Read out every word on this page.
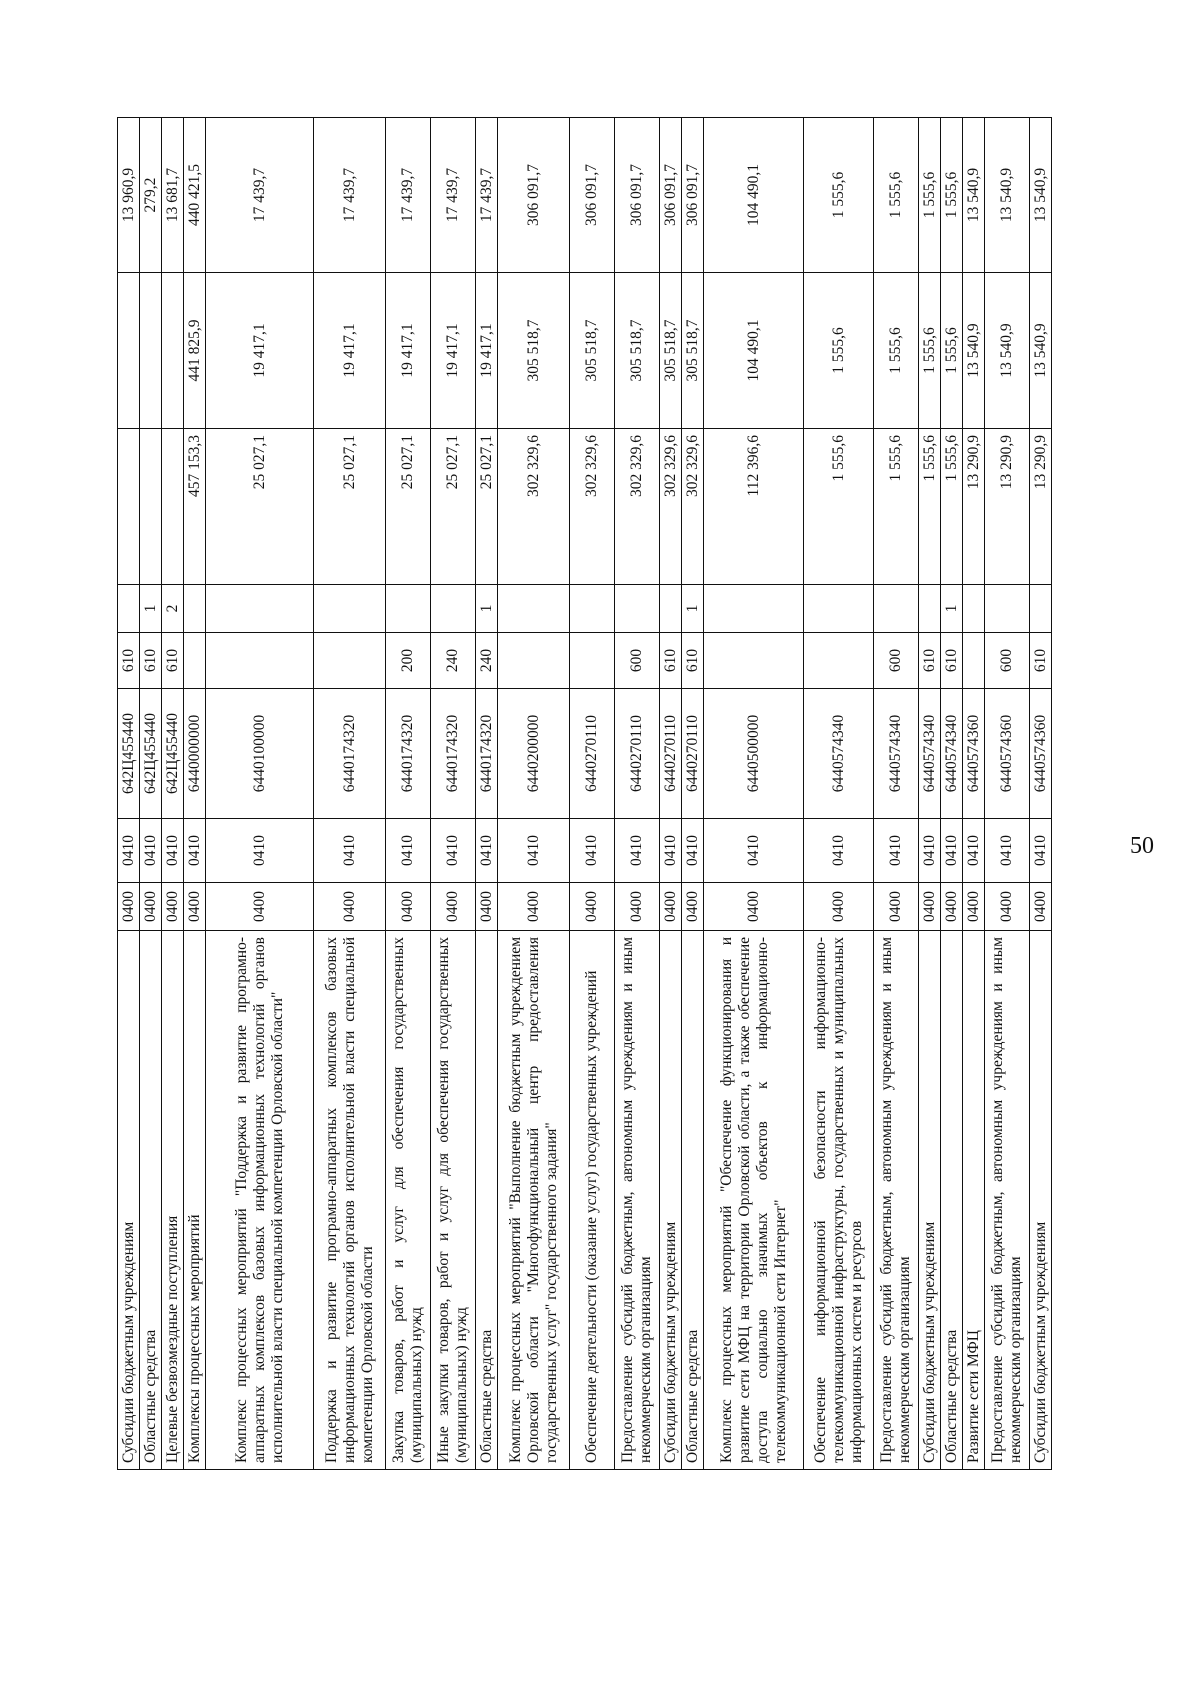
50
Субсидии бюджетным учреждениям	0400	0410	642Ц455440	610				13 960,9
Областные средства	0400	0410	642Ц455440	610	1			279,2
Целевые безвозмездные поступления	0400	0410	642Ц455440	610	2			13 681,7
Комплексы процессных мероприятий	0400	0410	6440000000			457 153,3	441 825,9	440 421,5
Комплекс процессных мероприятий "Поддержка и развитие програмно-аппаратных комплексов базовых информационных технологий органов исполнительной власти специальной компетенции Орловской области"	0400	0410	6440100000			25 027,1	19 417,1	17 439,7
Поддержка и развитие програмно-аппаратных комплексов базовых информационных технологий органов исполнительной власти специальной компетенции Орловской области	0400	0410	6440174320			25 027,1	19 417,1	17 439,7
Закупка товаров, работ и услуг для обеспечения государственных (муниципальных) нужд	0400	0410	6440174320	200		25 027,1	19 417,1	17 439,7
Иные закупки товаров, работ и услуг для обеспечения государственных (муниципальных) нужд	0400	0410	6440174320	240		25 027,1	19 417,1	17 439,7
Областные средства	0400	0410	6440174320	240	1	25 027,1	19 417,1	17 439,7
Комплекс процессных мероприятий "Выполнение бюджетным учреждением Орловской области "Многофункциональный центр предоставления государственных услуг" государственного задания"	0400	0410	6440200000			302 329,6	305 518,7	306 091,7
Обеспечение деятельности (оказание услуг) государственных учреждений	0400	0410	6440270110			302 329,6	305 518,7	306 091,7
Предоставление субсидий бюджетным, автономным учреждениям и иным некоммерческим организациям	0400	0410	6440270110	600		302 329,6	305 518,7	306 091,7
Субсидии бюджетным учреждениям	0400	0410	6440270110	610		302 329,6	305 518,7	306 091,7
Областные средства	0400	0410	6440270110	610	1	302 329,6	305 518,7	306 091,7
Комплекс процессных мероприятий "Обеспечение функционирования и развитие сети МФЦ на территории Орловской области, а также обеспечение доступа социально значимых объектов к информационно-телекоммуникационной сети Интернет"	0400	0410	6440500000			112 396,6	104 490,1	104 490,1
Обеспечение информационной безопасности информационно-телекоммуникационной инфраструктуры, государственных и муниципальных информационных систем и ресурсов	0400	0410	6440574340			1 555,6	1 555,6	1 555,6
Предоставление субсидий бюджетным, автономным учреждениям и иным некоммерческим организациям	0400	0410	6440574340	600		1 555,6	1 555,6	1 555,6
Субсидии бюджетным учреждениям	0400	0410	6440574340	610		1 555,6	1 555,6	1 555,6
Областные средства	0400	0410	6440574340	610	1	1 555,6	1 555,6	1 555,6
Развитие сети МФЦ	0400	0410	6440574360			13 290,9	13 540,9	13 540,9
Предоставление субсидий бюджетным, автономным учреждениям и иным некоммерческим организациям	0400	0410	6440574360	600		13 290,9	13 540,9	13 540,9
Субсидии бюджетным учреждениям	0400	0410	6440574360	610		13 290,9	13 540,9	13 540,9
